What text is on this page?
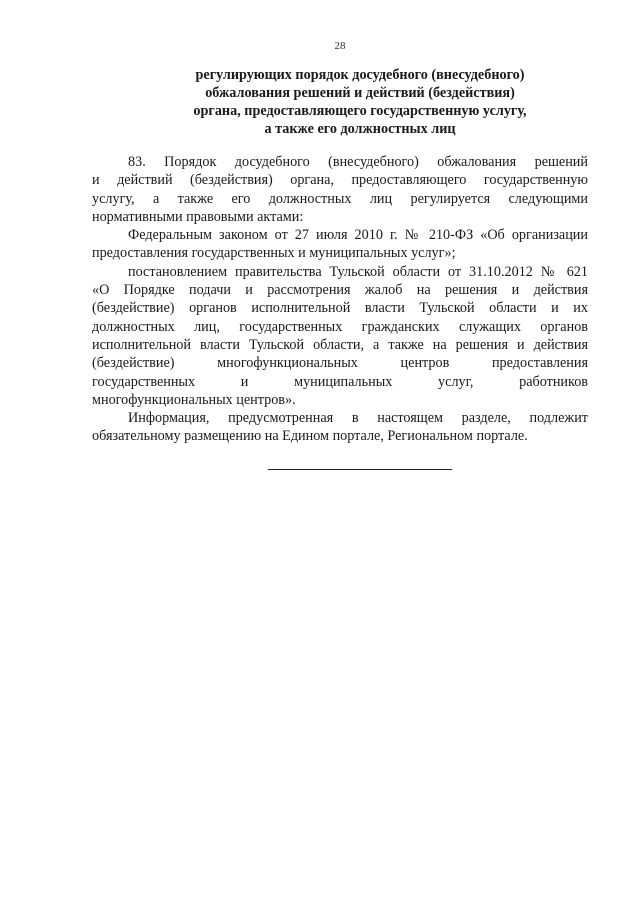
28
регулирующих порядок досудебного (внесудебного)
обжалования решений и действий (бездействия)
органа, предоставляющего государственную услугу,
а также его должностных лиц
83. Порядок досудебного (внесудебного) обжалования решений
и действий (бездействия) органа, предоставляющего государственную
услугу, а также его должностных лиц регулируется следующими
нормативными правовыми актами:
Федеральным законом от 27 июля 2010 г. № 210-ФЗ «Об организации
предоставления государственных и муниципальных услуг»;
постановлением правительства Тульской области от 31.10.2012 № 621
«О Порядке подачи и рассмотрения жалоб на решения и действия
(бездействие) органов исполнительной власти Тульской области и их
должностных лиц, государственных гражданских служащих органов
исполнительной власти Тульской области, а также на решения и действия
(бездействие) многофункциональных центров предоставления
государственных и муниципальных услуг, работников
многофункциональных центров».
Информация, предусмотренная в настоящем разделе, подлежит
обязательному размещению на Едином портале, Региональном портале.
